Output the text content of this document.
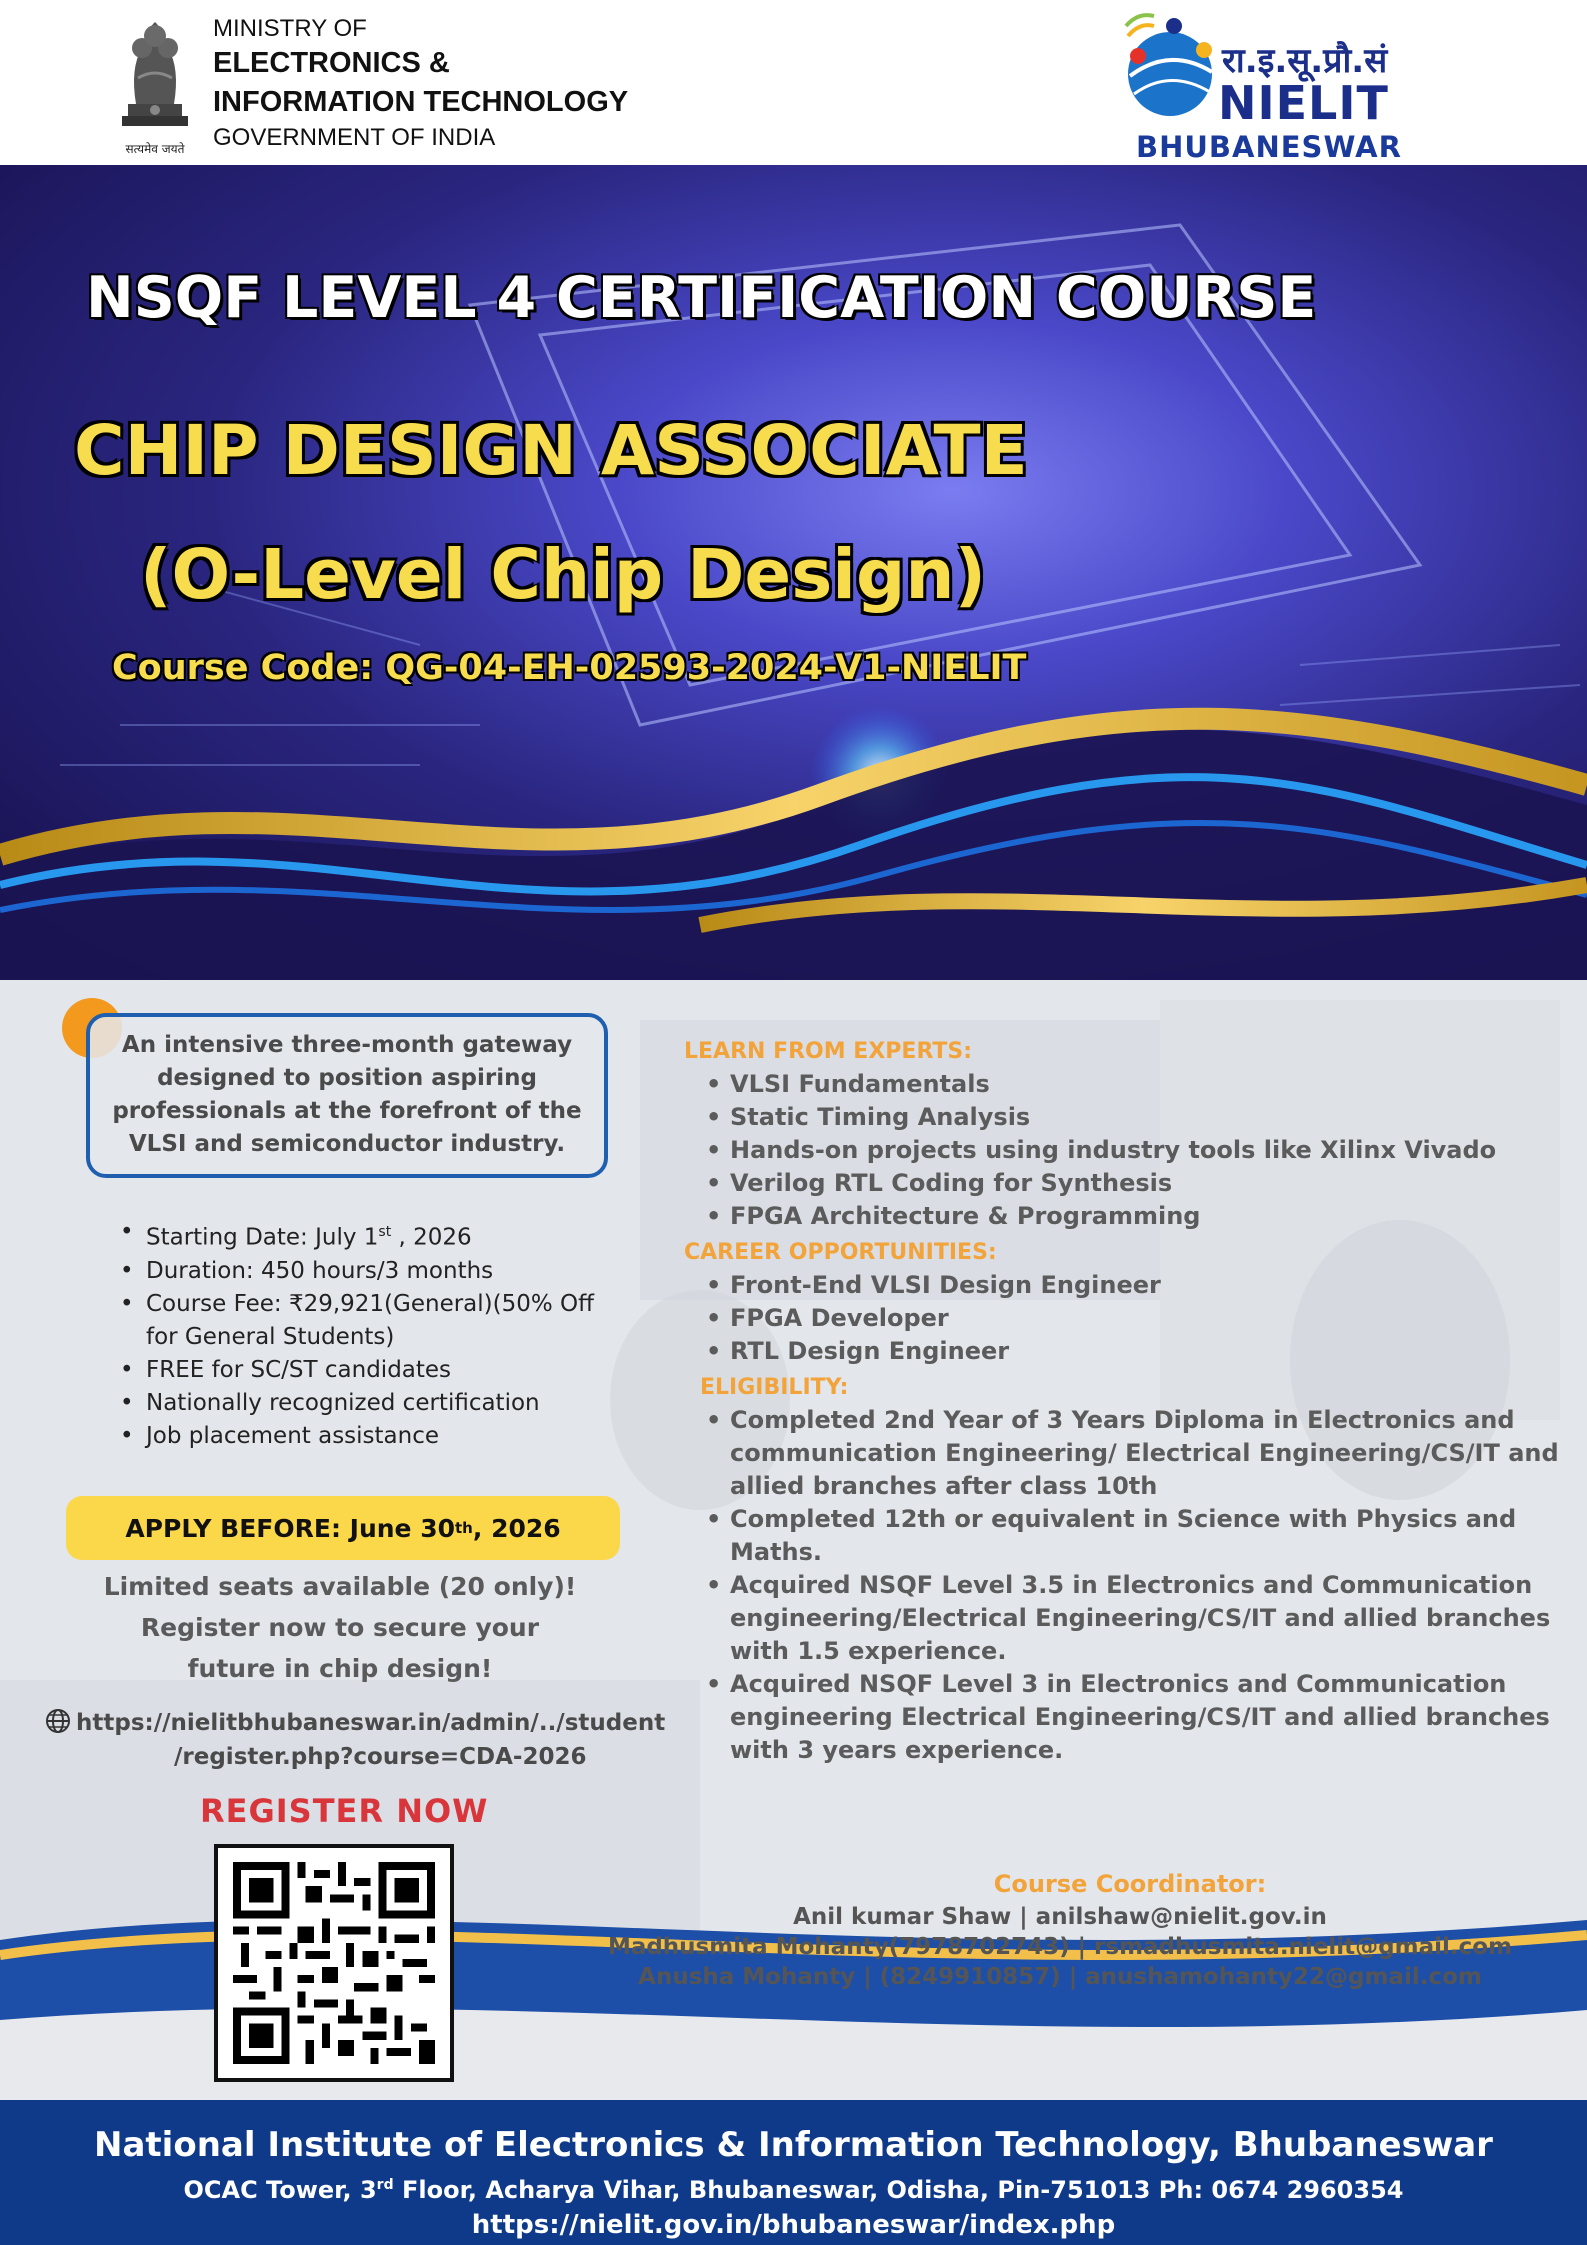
सत्यमेव जयते
MINISTRY OF
ELECTRONICS &
INFORMATION TECHNOLOGY
GOVERNMENT OF INDIA
रा.इ.सू.प्रौ.सं
NIELIT
BHUBANESWAR
NSQF LEVEL 4 CERTIFICATION COURSE
CHIP DESIGN ASSOCIATE
(O-Level Chip Design)
Course Code: QG-04-EH-02593-2024-V1-NIELIT

An intensive three-month gateway designed to position aspiring professionals at the forefront of the VLSI and semiconductor industry.

• Starting Date: July 1st , 2026
• Duration: 450 hours/3 months
• Course Fee: ₹29,921(General)(50% Off for General Students)
• FREE for SC/ST candidates
• Nationally recognized certification
• Job placement assistance
APPLY BEFORE: June 30 th , 2026
Limited seats available (20 only)!
Register now to secure your
future in chip design!
https://nielitbhubaneswar.in/admin/../student
/register.php?course=CDA-2026
REGISTER NOW
LEARN FROM EXPERTS:
• VLSI Fundamentals
• Static Timing Analysis
• Hands-on projects using industry tools like Xilinx Vivado
• Verilog RTL Coding for Synthesis
• FPGA Architecture & Programming
CAREER OPPORTUNITIES:
• Front-End VLSI Design Engineer
• FPGA Developer
• RTL Design Engineer
ELIGIBILITY:
• Completed 2nd Year of 3 Years Diploma in Electronics and communication Engineering/ Electrical Engineering/CS/IT and allied branches after class 10th
• Completed 12th or equivalent in Science with Physics and Maths.
• Acquired NSQF Level 3.5 in Electronics and Communication engineering/Electrical Engineering/CS/IT and allied branches with 1.5 experience.
• Acquired NSQF Level 3 in Electronics and Communication engineering Electrical Engineering/CS/IT and allied branches with 3 years experience.
Course Coordinator:
Anil kumar Shaw | anilshaw@nielit.gov.in
Madhusmita Mohanty(7978702743) | rsmadhusmita.nielit@gmail.com
Anusha Mohanty | (8249910857) | anushamohanty22@gmail.com
National Institute of Electronics & Information Technology, Bhubaneswar
OCAC Tower, 3rd Floor, Acharya Vihar, Bhubaneswar, Odisha, Pin-751013 Ph: 0674 2960354
https://nielit.gov.in/bhubaneswar/index.php
